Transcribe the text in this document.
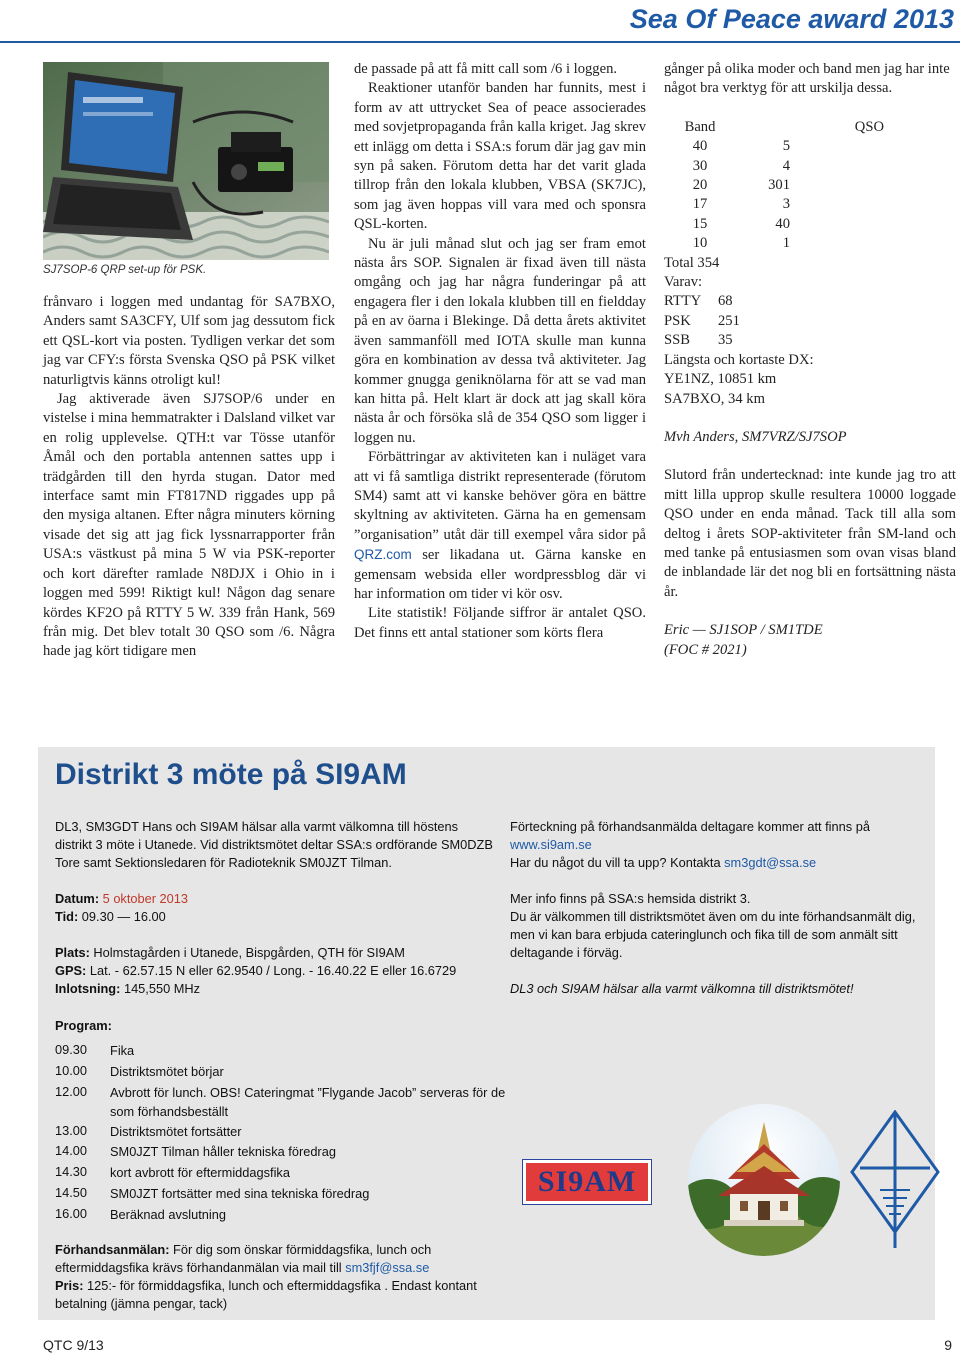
Sea Of Peace award 2013
SJ7SOP-6 QRP set-up för PSK.

frånvaro i loggen med undantag för SA7BXO, Anders samt SA3CFY, Ulf som jag dessutom fick ett QSL-kort via posten. Tydligen verkar det som jag var CFY:s första Svenska QSO på PSK vilket naturligtvis känns otroligt kul!

Jag aktiverade även SJ7SOP/6 under en vistelse i mina hemmatrakter i Dalsland vilket var en rolig upplevelse. QTH:t var Tösse utanför Åmål och den portabla antennen sattes upp i trädgården till den hyrda stugan. Dator med interface samt min FT817ND riggades upp på den mysiga altanen. Efter några minuters körning visade det sig att jag fick lyssnarrapporter från USA:s västkust på mina 5 W via PSK-reporter och kort därefter ramlade N8DJX i Ohio in i loggen med 599! Riktigt kul! Någon dag senare kördes KF2O på RTTY 5 W. 339 från Hank, 569 från mig. Det blev totalt 30 QSO som /6. Några hade jag kört tidigare men

de passade på att få mitt call som /6 i loggen.

Reaktioner utanför banden har funnits, mest i form av att uttrycket Sea of peace associerades med sovjetpropaganda från kalla kriget. Jag skrev ett inlägg om detta i SSA:s forum där jag gav min syn på saken. Förutom detta har det varit glada tillrop från den lokala klubben, VBSA (SK7JC), som jag även hoppas vill vara med och sponsra QSL-korten.

Nu är juli månad slut och jag ser fram emot nästa års SOP. Signalen är fixad även till nästa omgång och jag har några funderingar på att engagera fler i den lokala klubben till en fieldday på en av öarna i Blekinge. Då detta årets aktivitet även sammanföll med IOTA skulle man kunna göra en kombination av dessa två aktiviteter. Jag kommer gnugga geniknölarna för att se vad man kan hitta på. Helt klart är dock att jag skall köra nästa år och försöka slå de 354 QSO som ligger i loggen nu.

Förbättringar av aktiviteten kan i nuläget vara att vi få samtliga distrikt representerade (förutom SM4) samt att vi kanske behöver göra en bättre skyltning av aktiviteten. Gärna ha en gemensam ”organisation” utåt där till exempel våra sidor på QRZ.com ser likadana ut. Gärna kanske en gemensam websida eller wordpressblog där vi har information om tider vi kör osv.

Lite statistik! Följande siffror är antalet QSO. Det finns ett antal stationer som körts flera

gånger på olika moder och band men jag har inte något bra verktyg för att urskilja dessa.

Band	QSO
40	5
30	4
20	301
17	3
15	40
10	1

Total 354

Varav:

RTTY	68
PSK	251
SSB	35

Längsta och kortaste DX:

YE1NZ, 10851 km

SA7BXO, 34 km

Mvh Anders, SM7VRZ/SJ7SOP

Slutord från undertecknad: inte kunde jag tro att mitt lilla upprop skulle resultera 10000 loggade QSO under en enda månad. Tack till alla som deltog i årets SOP-aktiviteter från SM-land och med tanke på entusiasmen som ovan visas bland de inblandade lär det nog bli en fortsättning nästa år.

Eric — SJ1SOP / SM1TDE

(FOC # 2021)

Distrikt 3 möte på SI9AM
DL3, SM3GDT Hans och SI9AM hälsar alla varmt välkomna till höstens distrikt 3 möte i Utanede. Vid distriktsmötet deltar SSA:s ordförande SM0DZB Tore samt Sektionsledaren för Radioteknik SM0JZT Tilman.

Datum: 5 oktober 2013

Tid: 09.30 — 16.00

Plats: Holmstagården i Utanede, Bispgården, QTH för SI9AM

GPS: Lat. - 62.57.15 N eller 62.9540 / Long. - 16.40.22 E eller 16.6729

Inlotsning: 145,550 MHz

Program:
09.30	Fika
10.00	Distriktsmötet börjar
12.00	Avbrott för lunch. OBS! Cateringmat ”Flygande Jacob” serveras för de som förhandsbeställt
13.00	Distriktsmötet fortsätter
14.00	SM0JZT Tilman håller tekniska föredrag
14.30	kort avbrott för eftermiddagsfika
14.50	SM0JZT fortsätter med sina tekniska föredrag
16.00	Beräknad avslutning

Förhandsanmälan: För dig som önskar förmiddagsfika, lunch och eftermiddagsfika krävs förhandanmälan via mail till sm3fjf@ssa.se

Pris: 125:- för förmiddagsfika, lunch och eftermiddagsfika . Endast kontant betalning (jämna pengar, tack)

Förteckning på förhandsanmälda deltagare kommer att finns på
www.si9am.se

Har du något du vill ta upp? Kontakta sm3gdt@ssa.se

Mer info finns på SSA:s hemsida distrikt 3.

Du är välkommen till distriktsmötet även om du inte förhandsanmält dig, men vi kan bara erbjuda cateringlunch och fika till de som anmält sitt deltagande i förväg.

DL3 och SI9AM hälsar alla varmt välkomna till distriktsmötet!

SI9AM
QTC 9/13	9
